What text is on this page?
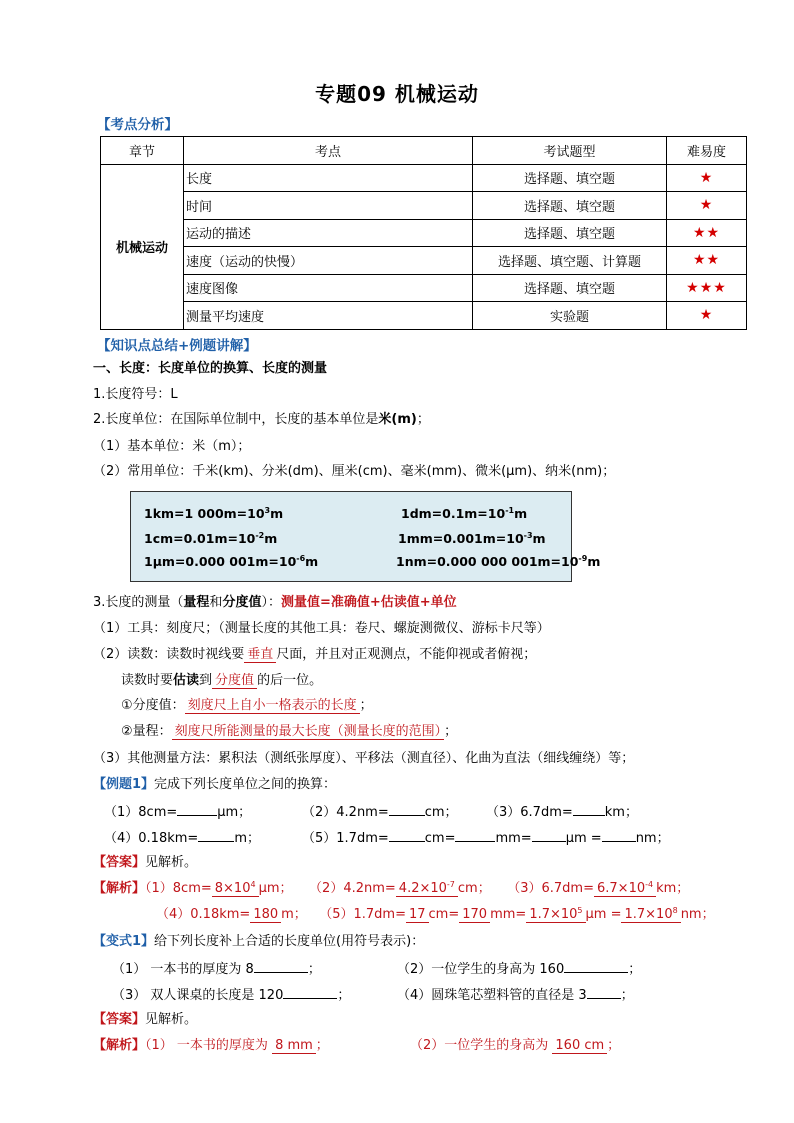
专题09 机械运动
【考点分析】
章节	考点	考试题型	难易度
机械运动	长度	选择题、填空题	★
	时间	选择题、填空题	★
	运动的描述	选择题、填空题	★★
	速度（运动的快慢）	选择题、填空题、计算题	★★
	速度图像	选择题、填空题	★★★
	测量平均速度	实验题	★
【知识点总结+例题讲解】
一、长度：长度单位的换算、长度的测量
1.长度符号：L
2.长度单位：在国际单位制中，长度的基本单位是米(m)；
（1）基本单位：米（m）；
（2）常用单位：千米(km)、分米(dm)、厘米(cm)、毫米(mm)、微米(μm)、纳米(nm)；
1km=1 $000m=10^3m$	$1dm=0.1m=10^{-1}m$
$1cm=0.01m=10^{-2}m$	$1mm=0.001m=10^{-3}m$
1μm=0.000 $001m=10^{-6}m$	1nm=0.000 000 $001m=10^{-9}m$
3.长度的测量（量程和分度值）：测量值=准确值+估读值+单位
（1）工具：刻度尺；（测量长度的其他工具：卷尺、螺旋测微仪、游标卡尺等）
（2）读数：读数时视线要 垂直 尺面，并且对正观测点，不能仰视或者俯视；
读数时要估读到 分度值 的后一位。
①分度值： 刻度尺上自小一格表示的长度 ；
②量程： 刻度尺所能测量的最大长度（测量长度的范围） ；
（3）其他测量方法：累积法（测纸张厚度）、平移法（测直径）、化曲为直法（细线缠绕）等；
【例题1】完成下列长度单位之间的换算：
（1）8cm=	μm；	（2）4.2nm=	cm； （3）6.7dm= km；
（4）0.18km=	m；	（5）1.7dm=	cm=	mm=	μm =	nm；
【答案】见解析。
【解析】$(1)8cm= 8\times 10^4$ μm； $(2)4.2nm= 4.2\times 10^{-7}$ cm； $(3)6.7dm= 6.7\times 10^{-4}$ km；
（4）0.18km= 180 m； （5）1.7dm= 17 cm= 170 $mm= 1.7\times 10^5$ $\mu m = 1.7\times 10^8$ nm；
【变式1】给下列长度补上合适的长度单位(用符号表示)：
（1） 一本书的厚度为 8	；	（2）一位学生的身高为 160	；
（3） 双人课桌的长度是 120	；	（4）圆珠笔芯塑料管的直径是 3	；
【答案】见解析。
【解析】（1） 一本书的厚度为 8 mm ；	（2）一位学生的身高为 160 cm ；
